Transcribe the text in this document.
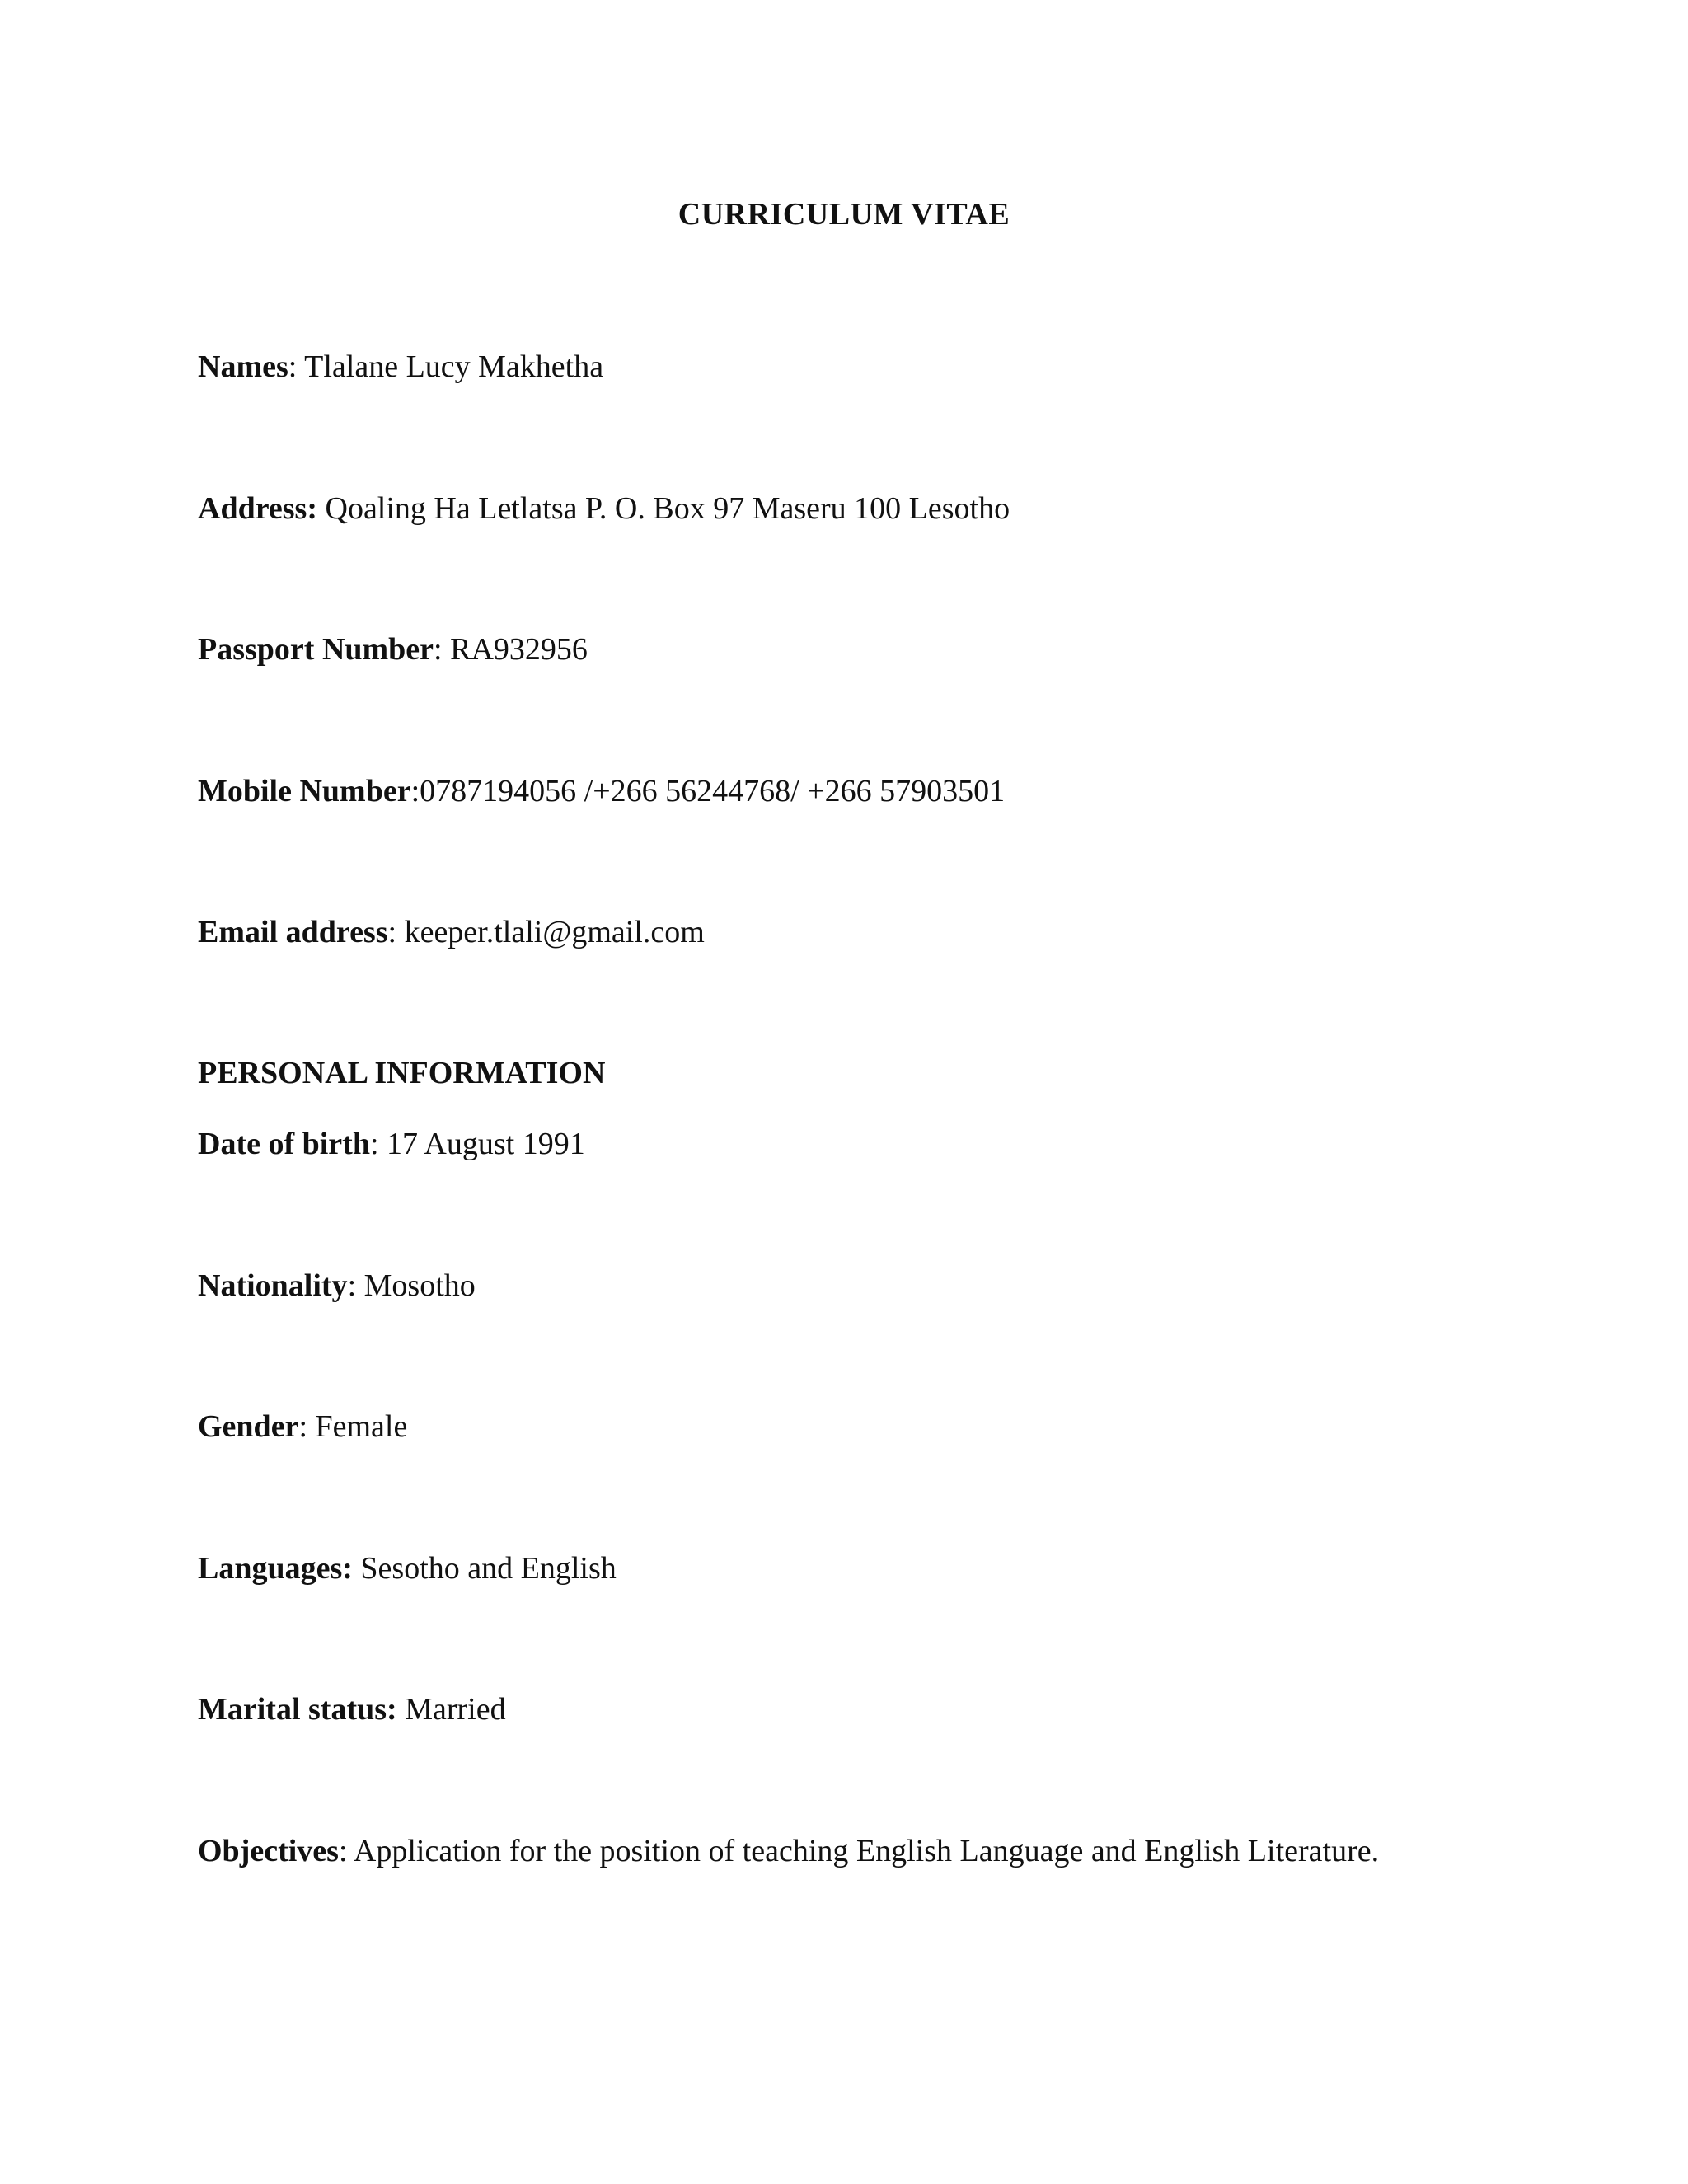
CURRICULUM VITAE
Names: Tlalane Lucy Makhetha
Address: Qoaling Ha Letlatsa P. O. Box 97 Maseru 100 Lesotho
Passport Number: RA932956
Mobile Number:0787194056 /+266 56244768/ +266 57903501
Email address: keeper.tlali@gmail.com
PERSONAL INFORMATION
Date of birth: 17 August 1991
Nationality: Mosotho
Gender: Female
Languages: Sesotho and English
Marital status: Married
Objectives: Application for the position of teaching English Language and English Literature.
